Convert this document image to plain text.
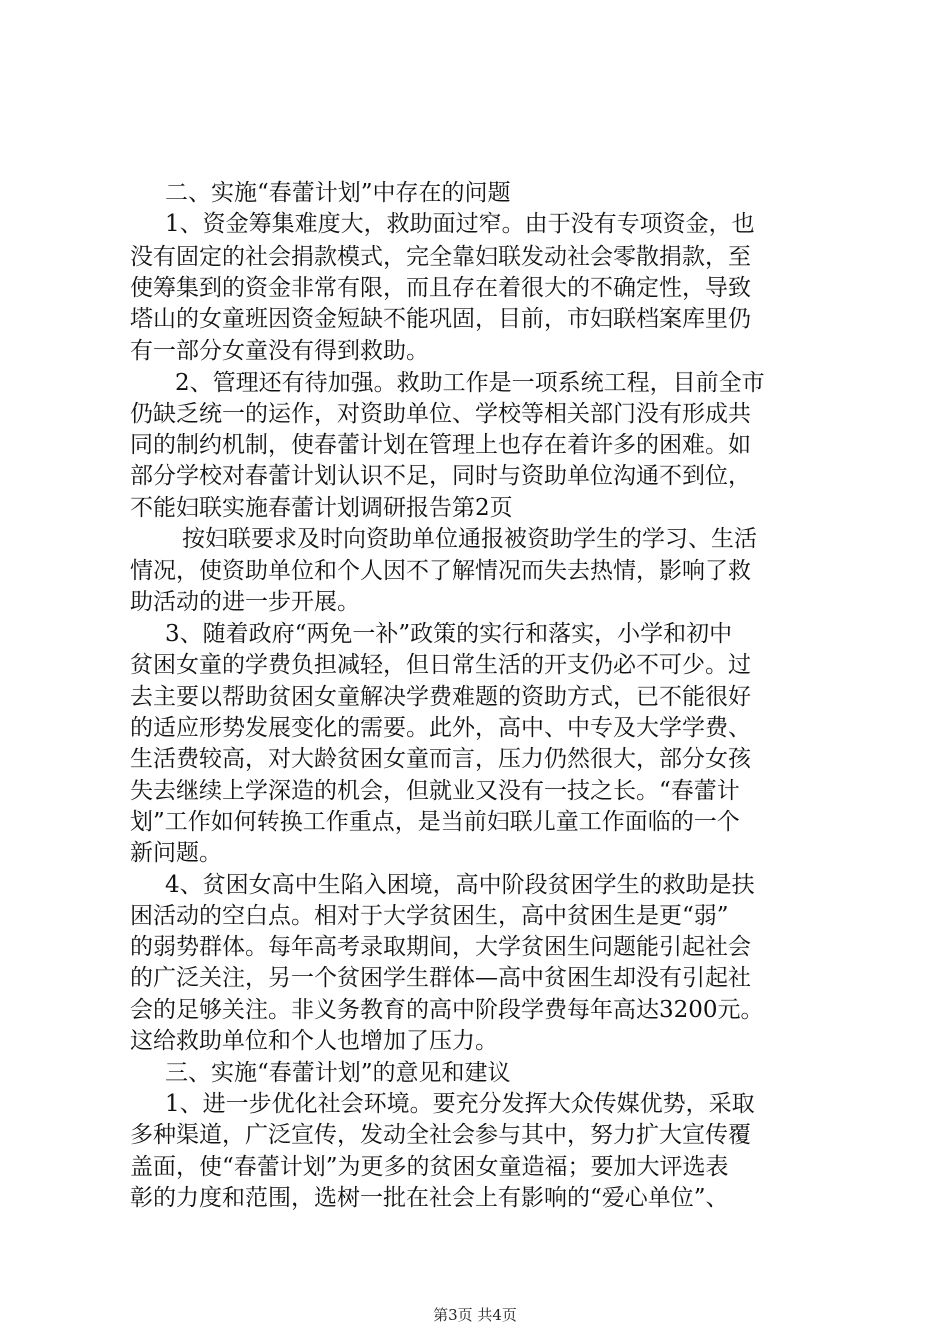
二、实施“春蕾计划”中存在的问题
1、资金筹集难度大，救助面过窄。由于没有专项资金，也
没有固定的社会捐款模式，完全靠妇联发动社会零散捐款，至
使筹集到的资金非常有限，而且存在着很大的不确定性，导致
塔山的女童班因资金短缺不能巩固，目前，市妇联档案库里仍
有一部分女童没有得到救助。
2、管理还有待加强。救助工作是一项系统工程，目前全市
仍缺乏统一的运作，对资助单位、学校等相关部门没有形成共
同的制约机制，使春蕾计划在管理上也存在着许多的困难。如
部分学校对春蕾计划认识不足，同时与资助单位沟通不到位，
不能妇联实施春蕾计划调研报告第2页
按妇联要求及时向资助单位通报被资助学生的学习、生活
情况，使资助单位和个人因不了解情况而失去热情，影响了救
助活动的进一步开展。
3、随着政府“两免一补”政策的实行和落实，小学和初中
贫困女童的学费负担减轻，但日常生活的开支仍必不可少。过
去主要以帮助贫困女童解决学费难题的资助方式，已不能很好
的适应形势发展变化的需要。此外，高中、中专及大学学费、
生活费较高，对大龄贫困女童而言，压力仍然很大，部分女孩
失去继续上学深造的机会，但就业又没有一技之长。“春蕾计
划”工作如何转换工作重点，是当前妇联儿童工作面临的一个
新问题。
4、贫困女高中生陷入困境，高中阶段贫困学生的救助是扶
困活动的空白点。相对于大学贫困生，高中贫困生是更“弱”
的弱势群体。每年高考录取期间，大学贫困生问题能引起社会
的广泛关注，另一个贫困学生群体—高中贫困生却没有引起社
会的足够关注。非义务教育的高中阶段学费每年高达3200元。
这给救助单位和个人也增加了压力。
三、实施“春蕾计划”的意见和建议
1、进一步优化社会环境。要充分发挥大众传媒优势，采取
多种渠道，广泛宣传，发动全社会参与其中，努力扩大宣传覆
盖面，使“春蕾计划”为更多的贫困女童造福；要加大评选表
彰的力度和范围，选树一批在社会上有影响的“爱心单位”、
第3页 共4页
